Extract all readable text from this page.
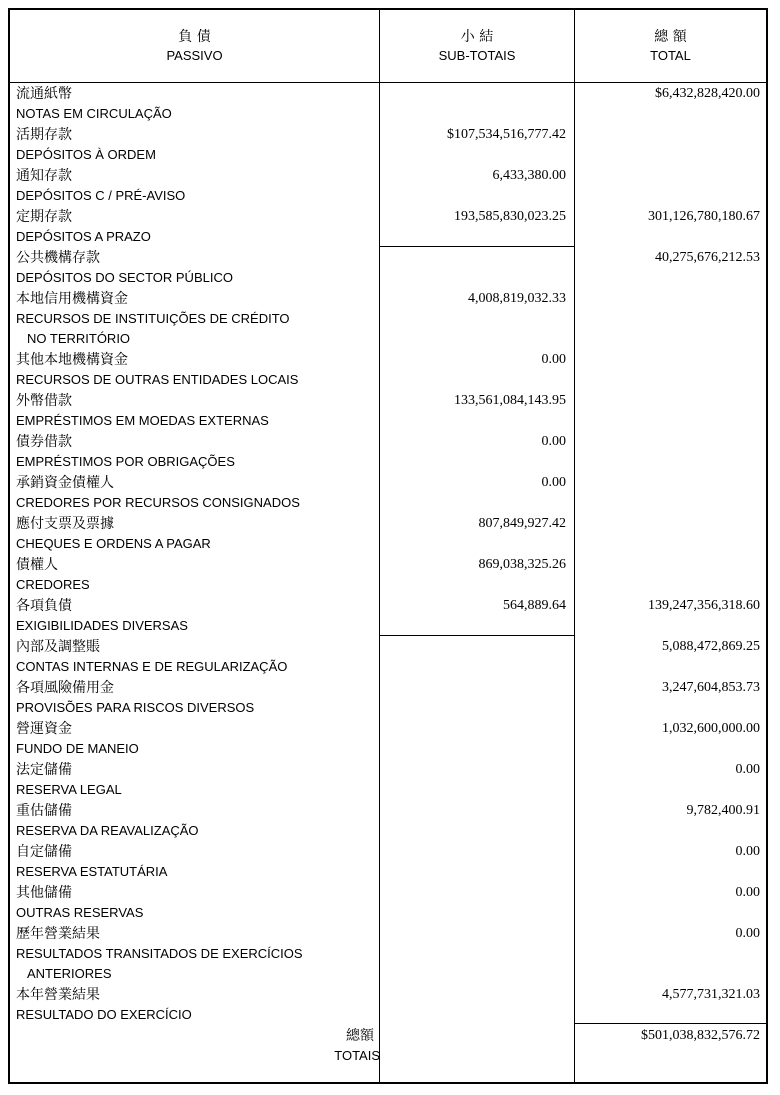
負 債
PASSIVO
小 結
SUB-TOTAIS
總 額
TOTAL
流通紙幣
NOTAS EM CIRCULAÇÃO
$6,432,828,420.00
活期存款
DEPÓSITOS À ORDEM
$107,534,516,777.42
通知存款
DEPÓSITOS C / PRÉ-AVISO
6,433,380.00
定期存款
DEPÓSITOS A PRAZO
193,585,830,023.25	301,126,780,180.67
公共機構存款
DEPÓSITOS DO SECTOR PÚBLICO
40,275,676,212.53
本地信用機構資金
RECURSOS DE INSTITUIÇÕES DE CRÉDITO
NO TERRITÓRIO
4,008,819,032.33
其他本地機構資金
RECURSOS DE OUTRAS ENTIDADES LOCAIS
0.00
外幣借款
EMPRÉSTIMOS EM MOEDAS EXTERNAS
133,561,084,143.95
債券借款
EMPRÉSTIMOS POR OBRIGAÇÕES
0.00
承銷資金債權人
CREDORES POR RECURSOS CONSIGNADOS
0.00
應付支票及票據
CHEQUES E ORDENS A PAGAR
807,849,927.42
債權人
CREDORES
869,038,325.26
各項負債
EXIGIBILIDADES DIVERSAS
564,889.64	139,247,356,318.60
內部及調整賬
CONTAS INTERNAS E DE REGULARIZAÇÃO
5,088,472,869.25
各項風險備用金
PROVISÕES PARA RISCOS DIVERSOS
3,247,604,853.73
營運資金
FUNDO DE MANEIO
1,032,600,000.00
法定儲備
RESERVA LEGAL
0.00
重估儲備
RESERVA DA REAVALIZAÇÃO
9,782,400.91
自定儲備
RESERVA ESTATUTÁRIA
0.00
其他儲備
OUTRAS RESERVAS
0.00
歷年營業結果
RESULTADOS TRANSITADOS DE EXERCÍCIOS
ANTERIORES
0.00
本年營業結果
RESULTADO DO EXERCÍCIO
4,577,731,321.03
總額
TOTAIS
$501,038,832,576.72
